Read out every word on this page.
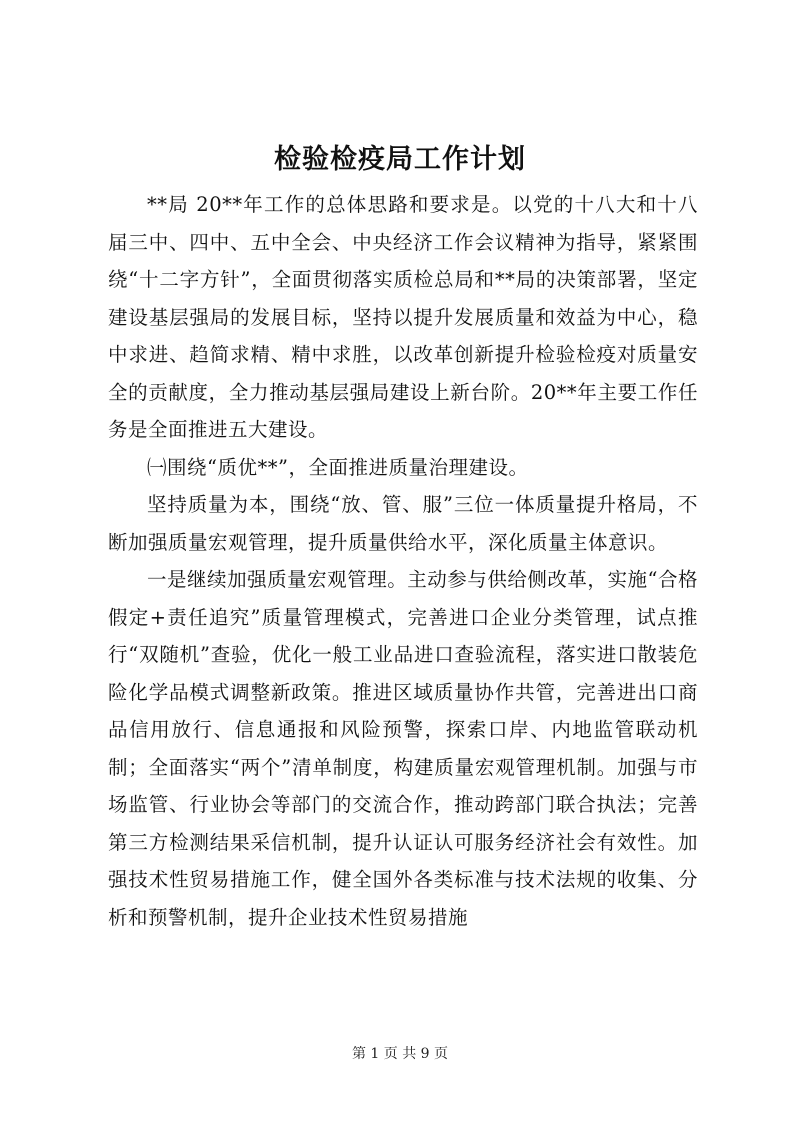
检验检疫局工作计划

**局 20**年工作的总体思路和要求是。以党的十八大和十八届三中、四中、五中全会、中央经济工作会议精神为指导，紧紧围绕“十二字方针”，全面贯彻落实质检总局和**局的决策部署，坚定建设基层强局的发展目标，坚持以提升发展质量和效益为中心，稳中求进、趋简求精、精中求胜，以改革创新提升检验检疫对质量安全的贡献度，全力推动基层强局建设上新台阶。20**年主要工作任务是全面推进五大建设。

㈠围绕“质优**”，全面推进质量治理建设。

坚持质量为本，围绕“放、管、服”三位一体质量提升格局，不断加强质量宏观管理，提升质量供给水平，深化质量主体意识。

一是继续加强质量宏观管理。主动参与供给侧改革，实施“合格假定+责任追究”质量管理模式，完善进口企业分类管理，试点推行“双随机”查验，优化一般工业品进口查验流程，落实进口散装危险化学品模式调整新政策。推进区域质量协作共管，完善进出口商品信用放行、信息通报和风险预警，探索口岸、内地监管联动机制；全面落实“两个”清单制度，构建质量宏观管理机制。加强与市场监管、行业协会等部门的交流合作，推动跨部门联合执法；完善第三方检测结果采信机制，提升认证认可服务经济社会有效性。加强技术性贸易措施工作，健全国外各类标准与技术法规的收集、分析和预警机制，提升企业技术性贸易措施

第 1 页 共 9 页
